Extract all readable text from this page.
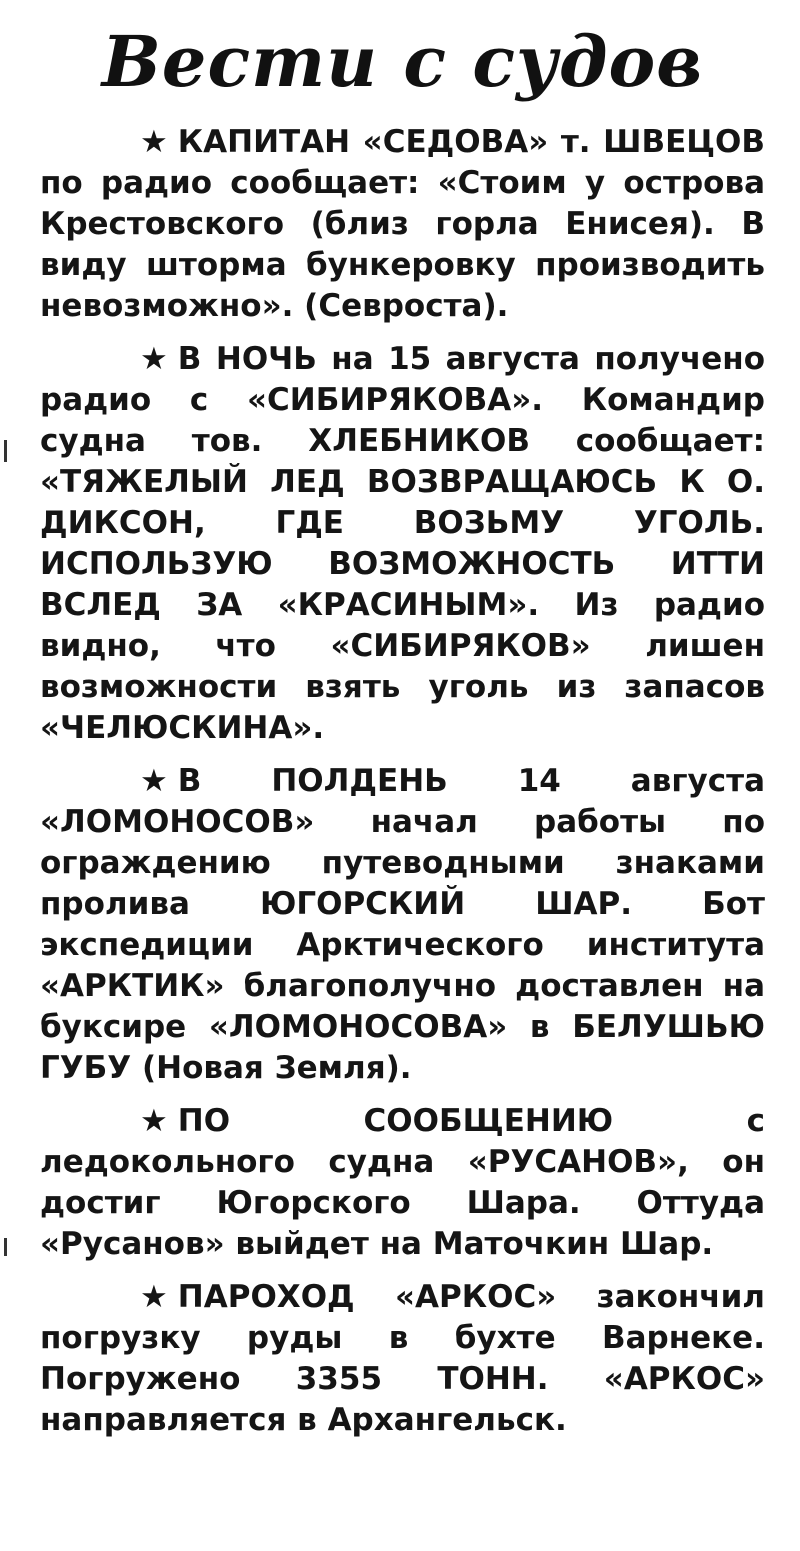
Вести с судов

★ КАПИТАН «СЕДОВА» т. ШВЕЦОВ по радио сообщает: «Стоим у острова Крестовского (близ горла Енисея). В виду шторма бункеровку производить невозможно». (Севроста).

★ В НОЧЬ на 15 августа получено радио с «СИБИРЯКОВА». Командир судна тов. ХЛЕБНИКОВ сообщает: «ТЯЖЕЛЫЙ ЛЕД ВОЗВРАЩАЮСЬ К О. ДИКСОН, ГДЕ ВОЗЬМУ УГОЛЬ. ИСПОЛЬЗУЮ ВОЗМОЖНОСТЬ ИТТИ ВСЛЕД ЗА «КРАСИНЫМ». Из радио видно, что «СИБИРЯКОВ» лишен возможности взять уголь из запасов «ЧЕЛЮСКИНА».

★ В ПОЛДЕНЬ 14 августа «ЛОМОНОСОВ» начал работы по ограждению путеводными знаками пролива ЮГОРСКИЙ ШАР. Бот экспедиции Арктического института «АРКТИК» благополучно доставлен на буксире «ЛОМОНОСОВА» в БЕЛУШЬЮ ГУБУ (Новая Земля).

★ ПО СООБЩЕНИЮ с ледокольного судна «РУСАНОВ», он достиг Югорского Шара. Оттуда «Русанов» выйдет на Маточкин Шар.

★ ПАРОХОД «АРКОС» закончил погрузку руды в бухте Варнеке. Погружено 3355 ТОНН. «АРКОС» направляется в Архангельск.
